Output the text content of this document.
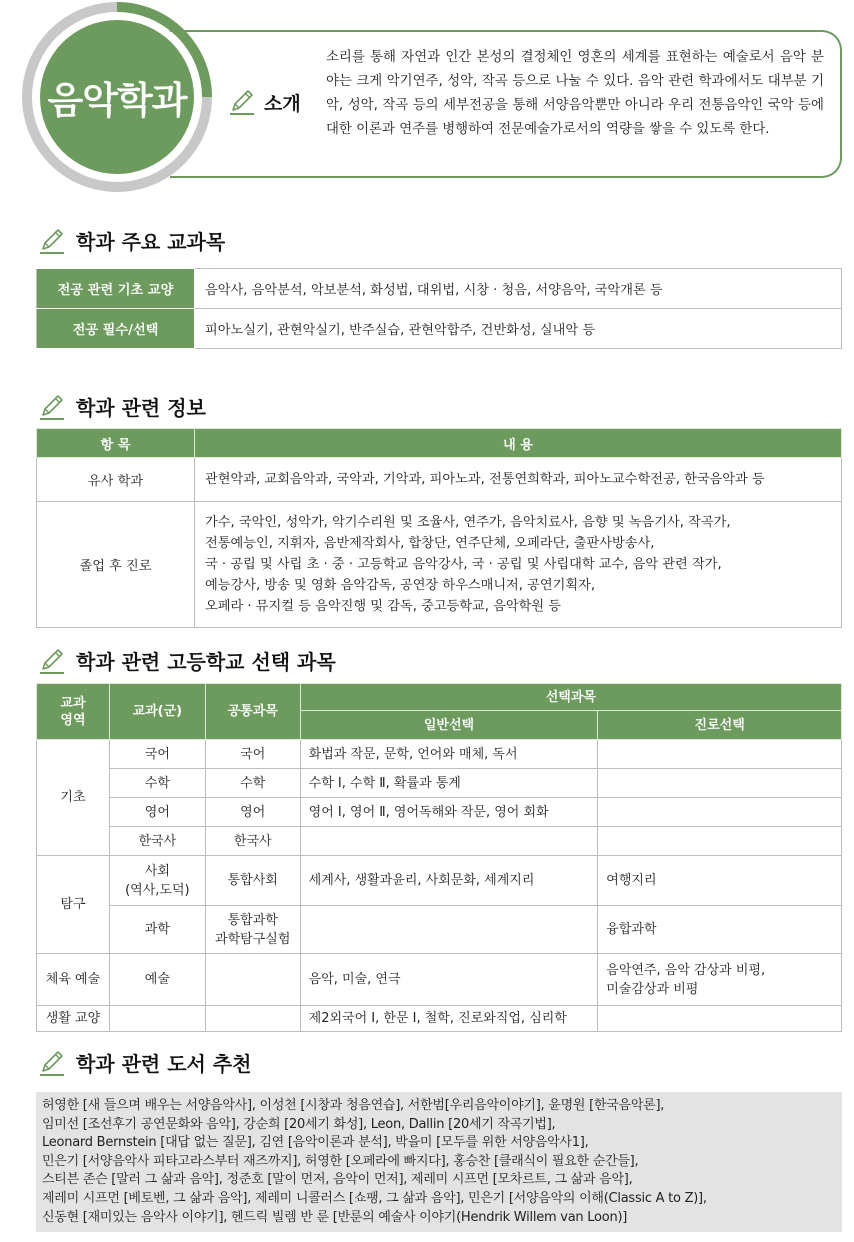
음악학과	소개

소리를 통해 자연과 인간 본성의 결정체인 영혼의 세계를 표현하는 예술로서 음악 분야는 크게 악기연주, 성악, 작곡 등으로 나눌 수 있다. 음악 관련 학과에서도 대부분 기악, 성악, 작곡 등의 세부전공을 통해 서양음악뿐만 아니라 우리 전통음악인 국악 등에 대한 이론과 연주를 병행하여 전문예술가로서의 역량을 쌓을 수 있도록 한다.

학과 주요 교과목
전공 관련 기초 교양	음악사, 음악분석, 악보분석, 화성법, 대위법, 시창 · 청음, 서양음악, 국악개론 등
전공 필수/선택	피아노실기, 관현악실기, 반주실습, 관현악합주, 건반화성, 실내악 등
학과 관련 정보
항 목	내 용
유사 학과	관현악과, 교회음악과, 국악과, 기악과, 피아노과, 전통연희학과, 피아노교수학전공, 한국음악과 등
졸업 후 진로	가수, 국악인, 성악가, 악기수리원 및 조율사, 연주가, 음악치료사, 음향 및 녹음기사, 작곡가,
전통예능인, 지휘자, 음반제작회사, 합창단, 연주단체, 오페라단, 출판사방송사,
국 · 공립 및 사립 초 · 중 · 고등학교 음악강사, 국 · 공립 및 사립대학 교수, 음악 관련 작가,
예능강사, 방송 및 영화 음악감독, 공연장 하우스매니저, 공연기획자,
오페라 · 뮤지컬 등 음악진행 및 감독, 중고등학교, 음악학원 등
학과 관련 고등학교 선택 과목
교과
영역	교과(군)	공통과목	선택과목	
			일반선택	진로선택
기초	국어	국어	화법과 작문, 문학, 언어와 매체, 독서	
	수학	수학	수학 Ⅰ, 수학 Ⅱ, 확률과 통계	
	영어	영어	영어 Ⅰ, 영어 Ⅱ, 영어독해와 작문, 영어 회화	
	한국사	한국사		
탐구	사회
(역사,도덕)	통합사회	세계사, 생활과윤리, 사회문화, 세계지리	여행지리
	과학	통합과학
과학탐구실험		융합과학
체육 예술	예술		음악, 미술, 연극	음악연주, 음악 감상과 비평,
미술감상과 비평

생활 교양			제2외국어 Ⅰ, 한문 Ⅰ, 철학, 진로와직업, 심리학	
학과 관련 도서 추천
허영한 [새 들으며 배우는 서양음악사], 이성천 [시창과 청음연습], 서한범[우리음악이야기], 윤명원 [한국음악론],
임미선 [조선후기 공연문화와 음악], 강순희 [20세기 화성], Leon, Dallin [20세기 작곡기법],
Leonard Bernstein [대답 없는 질문], 김연 [음악이론과 분석], 박을미 [모두를 위한 서양음악사1],
민은기 [서양음악사 피타고라스부터 재즈까지], 허영한 [오페라에 빠지다], 홍승찬 [클래식이 필요한 순간들],
스티븐 존슨 [말러 그 삶과 음악], 정준호 [말이 먼저, 음악이 먼저], 제레미 시프먼 [모차르트, 그 삶과 음악],
제레미 시프먼 [베토벤, 그 삶과 음악], 제레미 니콜러스 [쇼팽, 그 삶과 음악], 민은기 [서양음악의 이해(Classic A to Z)],
신동현 [재미있는 음악사 이야기], 헨드릭 빌렘 반 룬 [반룬의 예술사 이야기(Hendrik Willem van Loon)]
